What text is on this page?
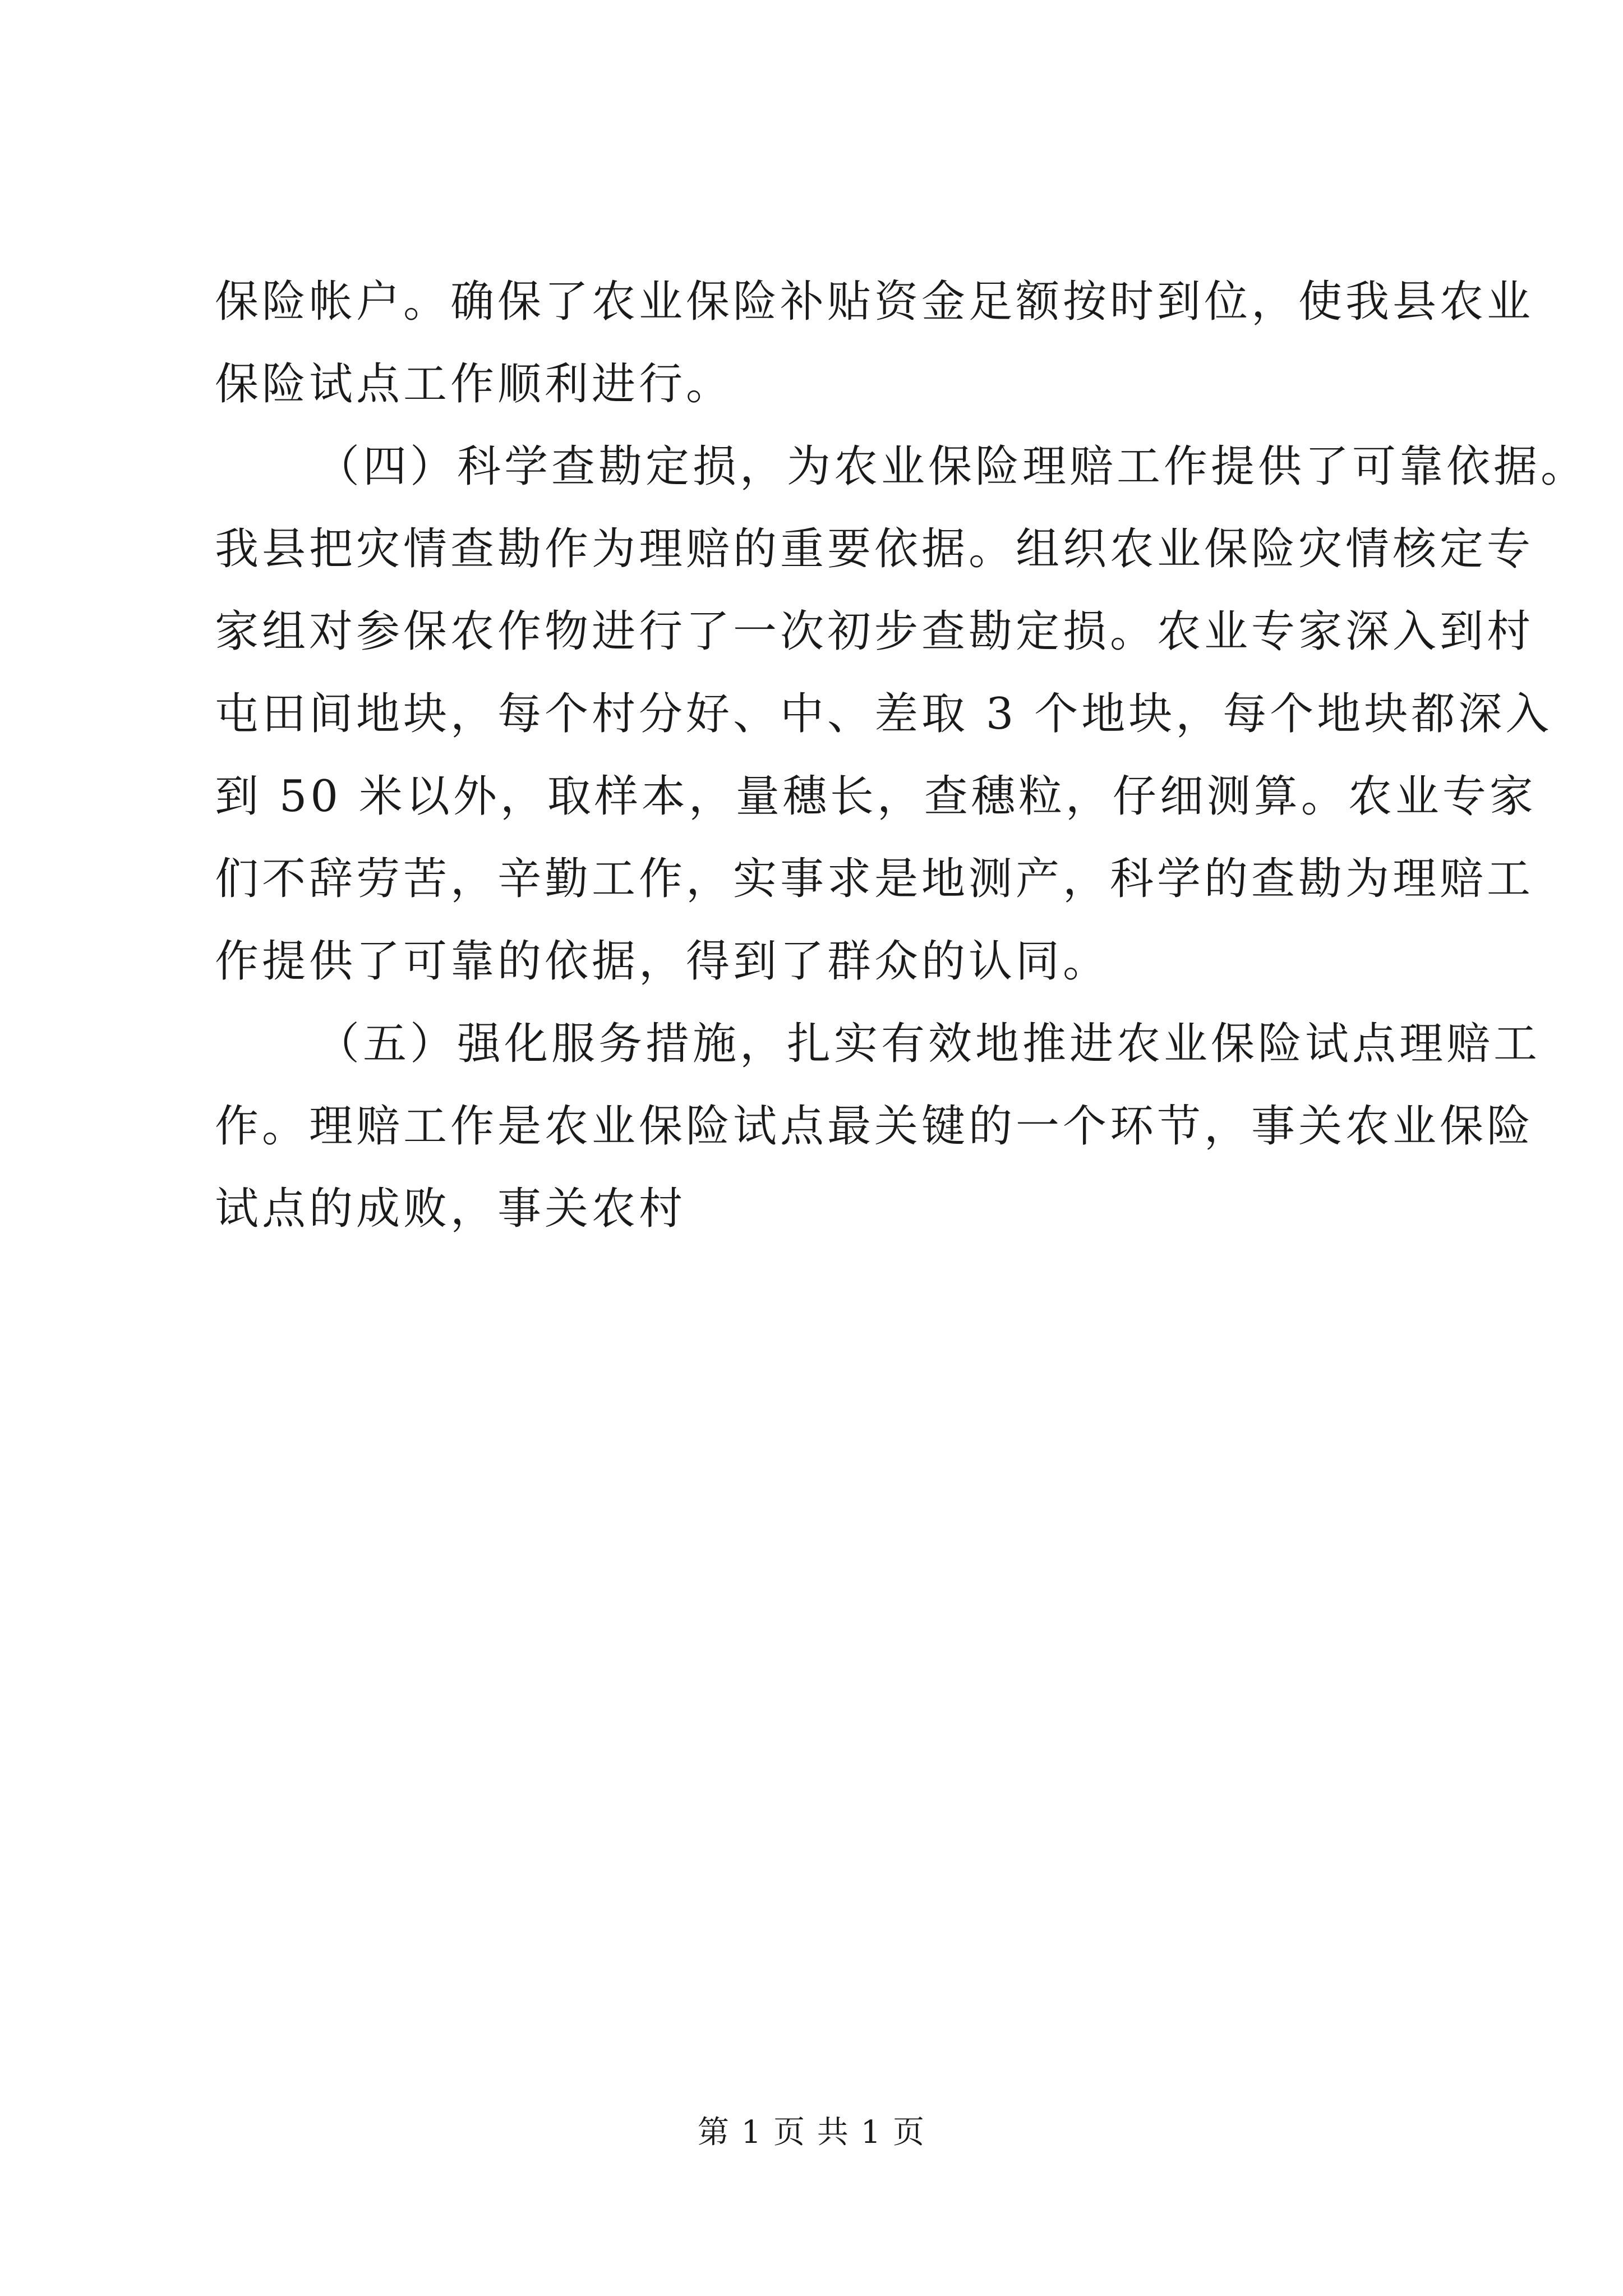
保险帐户。确保了农业保险补贴资金足额按时到位，使我县农业
保险试点工作顺利进行。
（四）科学查勘定损，为农业保险理赔工作提供了可靠依据。
我县把灾情查勘作为理赔的重要依据。组织农业保险灾情核定专
家组对参保农作物进行了一次初步查勘定损。农业专家深入到村
屯田间地块，每个村分好、中、差取 3 个地块，每个地块都深入
到 50 米以外，取样本，量穗长，查穗粒，仔细测算。农业专家
们不辞劳苦，辛勤工作，实事求是地测产，科学的查勘为理赔工
作提供了可靠的依据，得到了群众的认同。
（五）强化服务措施，扎实有效地推进农业保险试点理赔工
作。理赔工作是农业保险试点最关键的一个环节，事关农业保险
试点的成败，事关农村
第 1 页 共 1 页
